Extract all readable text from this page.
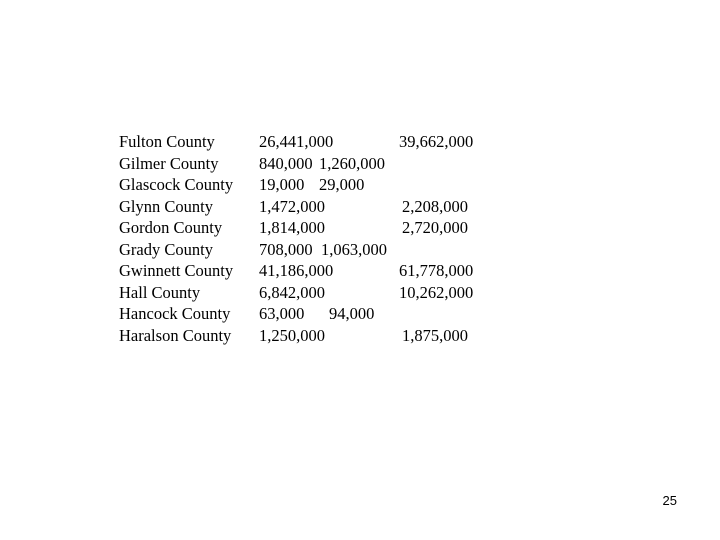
Fulton County	26,441,000	39,662,000
Gilmer County 840,000 1,260,000
Glascock County 19,000 29,000
Glynn County	1,472,000	2,208,000
Gordon County 1,814,000	2,720,000
Grady County	708,000 1,063,000
Gwinnett County 41,186,000	61,778,000
Hall County	6,842,000	10,262,000
Hancock County 63,000 94,000
Haralson County 1,250,000	1,875,000
25
